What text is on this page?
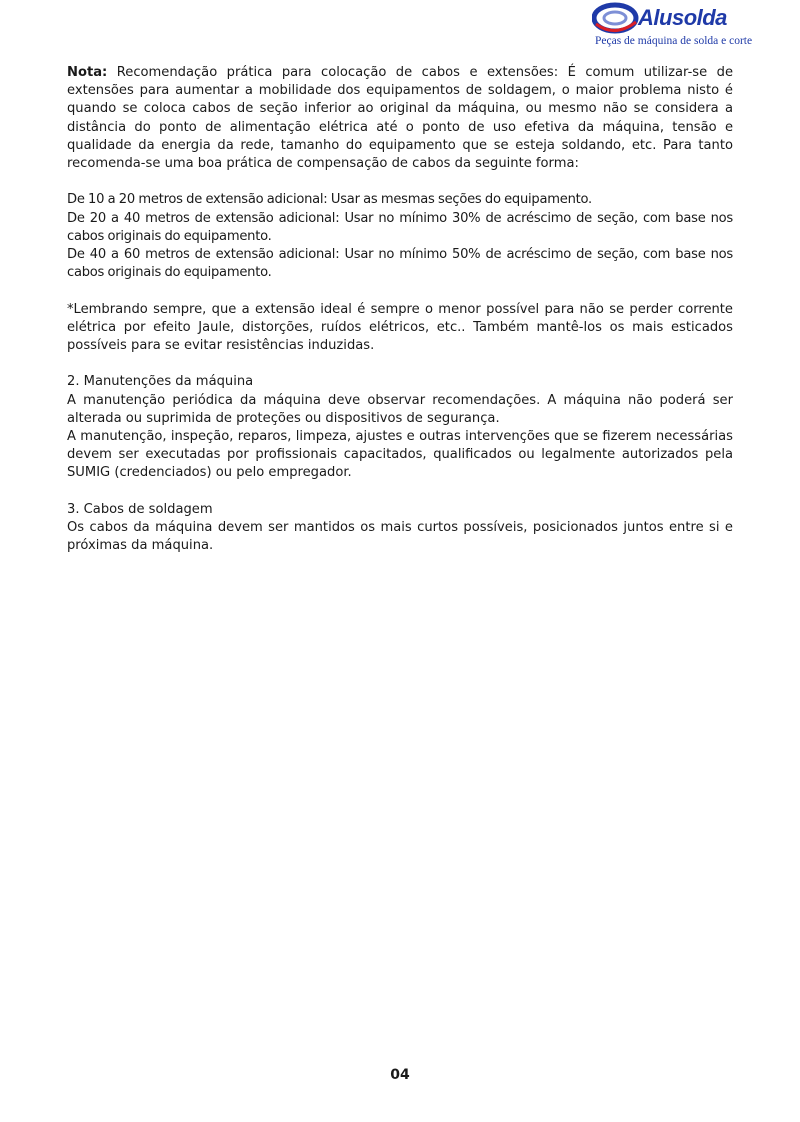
Alusolda
Peças de máquina de solda e corte

Nota: Recomendação prática para colocação de cabos e extensões: É comum utilizar-se de extensões para aumentar a mobilidade dos equipamentos de soldagem, o maior problema nisto é quando se coloca cabos de seção inferior ao original da máquina, ou mesmo não se considera a distância do ponto de alimentação elétrica até o ponto de uso efetiva da máquina, tensão e qualidade da energia da rede, tamanho do equipamento que se esteja soldando, etc. Para tanto recomenda-se uma boa prática de compensação de cabos da seguinte forma:

De 10 a 20 metros de extensão adicional: Usar as mesmas seções do equipamento.

De 20 a 40 metros de extensão adicional: Usar no mínimo 30% de acréscimo de seção, com base nos cabos originais do equipamento.

De 40 a 60 metros de extensão adicional: Usar no mínimo 50% de acréscimo de seção, com base nos cabos originais do equipamento.

*Lembrando sempre, que a extensão ideal é sempre o menor possível para não se perder corrente elétrica por efeito Jaule, distorções, ruídos elétricos, etc.. Também mantê-los os mais esticados possíveis para se evitar resistências induzidas.

2. Manutenções da máquina

A manutenção periódica da máquina deve observar recomendações. A máquina não poderá ser alterada ou suprimida de proteções ou dispositivos de segurança.

A manutenção, inspeção, reparos, limpeza, ajustes e outras intervenções que se fizerem necessárias devem ser executadas por profissionais capacitados, qualificados ou legalmente autorizados pela SUMIG (credenciados) ou pelo empregador.

3. Cabos de soldagem

Os cabos da máquina devem ser mantidos os mais curtos possíveis, posicionados juntos entre si e próximas da máquina.

04
